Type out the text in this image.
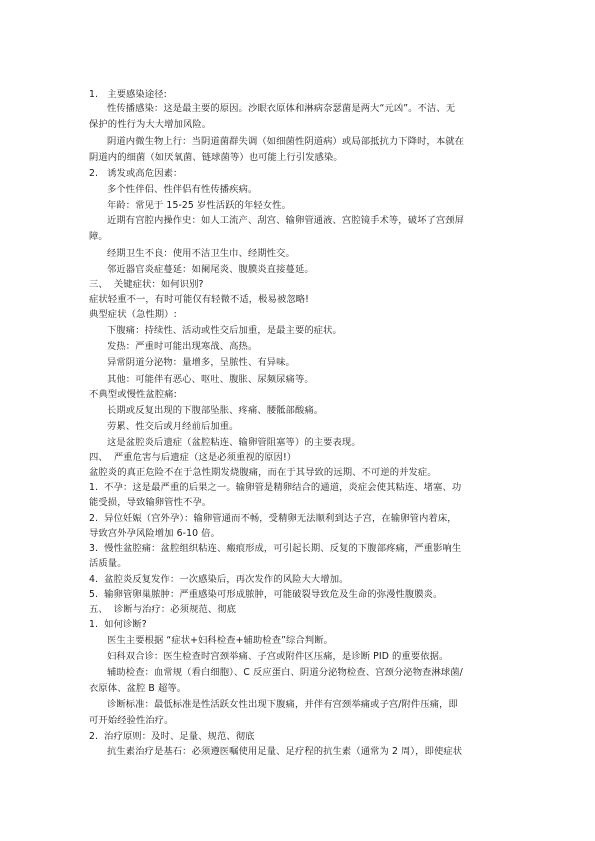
1.   主要感染途径:
性传播感染：这是最主要的原因。沙眼衣原体和淋病奈瑟菌是两大“元凶”。不洁、无
保护的性行为大大增加风险。
阴道内微生物上行：当阴道菌群失调（如细菌性阴道病）或局部抵抗力下降时，本就在
阴道内的细菌（如厌氧菌、链球菌等）也可能上行引发感染。
2.   诱发或高危因素：
多个性伴侣、性伴侣有性传播疾病。
年龄：常见于 15-25 岁性活跃的年轻女性。
近期有宫腔内操作史：如人工流产、刮宫、输卵管通液、宫腔镜手术等，破坏了宫颈屏
障。
经期卫生不良：使用不洁卫生巾、经期性交。
邻近器官炎症蔓延：如阑尾炎、腹膜炎直接蔓延。
三、  关键症状：如何识别?
症状轻重不一，有时可能仅有轻微不适，极易被忽略!
典型症状（急性期）:
下腹痛：持续性、活动或性交后加重，是最主要的症状。
发热：严重时可能出现寒战、高热。
异常阴道分泌物：量增多，呈脓性、有异味。
其他：可能伴有恶心、呕吐、腹胀、尿频尿痛等。
不典型或慢性盆腔痛:
长期或反复出现的下腹部坠胀、疼痛、腰骶部酸痛。
劳累、性交后或月经前后加重。
这是盆腔炎后遗症（盆腔粘连、输卵管阻塞等）的主要表现。
四、  严重危害与后遗症（这是必须重视的原因!）
盆腔炎的真正危险不在于急性期发烧腹痛，而在于其导致的远期、不可逆的并发症。
1.  不孕：这是最严重的后果之一。输卵管是精卵结合的通道，炎症会使其粘连、堵塞、功
能受损，导致输卵管性不孕。
2.  异位妊娠（宫外孕）：输卵管通而不畅，受精卵无法顺利到达子宫，在输卵管内着床，
导致宫外孕风险增加 6-10 倍。
3.  慢性盆腔痛：盆腔组织粘连、瘢痕形成，可引起长期、反复的下腹部疼痛，严重影响生
活质量。
4.  盆腔炎反复发作：一次感染后，再次发作的风险大大增加。
5.  输卵管卵巢脓肿：严重感染可形成脓肿，可能破裂导致危及生命的弥漫性腹膜炎。
五、  诊断与治疗：必须规范、彻底
1.  如何诊断?
医生主要根据 “症状+妇科检查+辅助检查”综合判断。
妇科双合诊：医生检查时宫颈举痛、子宫或附件区压痛，是诊断 PID 的重要依据。
辅助检查：血常规（看白细胞）、C 反应蛋白、阴道分泌物检查、宫颈分泌物查淋球菌/
衣原体、盆腔 B 超等。
诊断标准：最低标准是性活跃女性出现下腹痛，并伴有宫颈举痛或子宫/附件压痛，即
可开始经验性治疗。
2.  治疗原则：及时、足量、规范、彻底
抗生素治疗是基石：必须遵医嘱使用足量、足疗程的抗生素（通常为 2 周），即使症状
